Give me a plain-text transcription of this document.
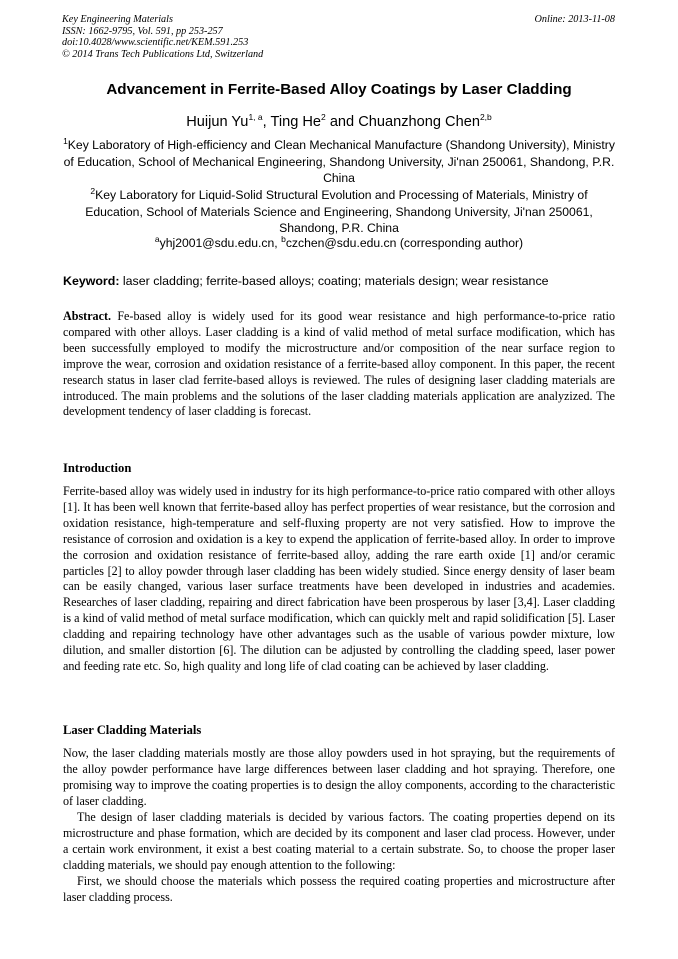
Key Engineering Materials
ISSN: 1662-9795, Vol. 591, pp 253-257
doi:10.4028/www.scientific.net/KEM.591.253
© 2014 Trans Tech Publications Ltd, Switzerland
Online: 2013-11-08
Advancement in Ferrite-Based Alloy Coatings by Laser Cladding
Huijun Yu$^{1, a}$, Ting He$^2$ and Chuanzhong Chen$^{2,b}$
$^1$Key Laboratory of High-efficiency and Clean Mechanical Manufacture (Shandong University), Ministry of Education, School of Mechanical Engineering, Shandong University, Ji'nan 250061, Shandong, P.R. China
$^2$Key Laboratory for Liquid-Solid Structural Evolution and Processing of Materials, Ministry of Education, School of Materials Science and Engineering, Shandong University, Ji'nan 250061, Shandong, P.R. China
$^a$yhj2001@sdu.edu.cn, $^b$czchen@sdu.edu.cn (corresponding author)
Keyword: laser cladding; ferrite-based alloys; coating; materials design; wear resistance
Abstract. Fe-based alloy is widely used for its good wear resistance and high performance-to-price ratio compared with other alloys. Laser cladding is a kind of valid method of metal surface modification, which has been successfully employed to modify the microstructure and/or composition of the near surface region to improve the wear, corrosion and oxidation resistance of a ferrite-based alloy component. In this paper, the recent research status in laser clad ferrite-based alloys is reviewed. The rules of designing laser cladding materials are introduced. The main problems and the solutions of the laser cladding materials application are analyzized. The development tendency of laser cladding is forecast.
Introduction
Ferrite-based alloy was widely used in industry for its high performance-to-price ratio compared with other alloys [1]. It has been well known that ferrite-based alloy has perfect properties of wear resistance, but the corrosion and oxidation resistance, high-temperature and self-fluxing property are not very satisfied. How to improve the resistance of corrosion and oxidation is a key to expend the application of ferrite-based alloy. In order to improve the corrosion and oxidation resistance of ferrite-based alloy, adding the rare earth oxide [1] and/or ceramic particles [2] to alloy powder through laser cladding has been widely studied. Since energy density of laser beam can be easily changed, various laser surface treatments have been developed in industries and academies. Researches of laser cladding, repairing and direct fabrication have been prosperous by laser [3,4]. Laser cladding is a kind of valid method of metal surface modification, which can quickly melt and rapid solidification [5]. Laser cladding and repairing technology have other advantages such as the usable of various powder mixture, low dilution, and smaller distortion [6]. The dilution can be adjusted by controlling the cladding speed, laser power and feeding rate etc. So, high quality and long life of clad coating can be achieved by laser cladding.
Laser Cladding Materials
Now, the laser cladding materials mostly are those alloy powders used in hot spraying, but the requirements of the alloy powder performance have large differences between laser cladding and hot spraying. Therefore, one promising way to improve the coating properties is to design the alloy components, according to the characteristic of laser cladding.
The design of laser cladding materials is decided by various factors. The coating properties depend on its microstructure and phase formation, which are decided by its component and laser clad process. However, under a certain work environment, it exist a best coating material to a certain substrate. So, to choose the proper laser cladding materials, we should pay enough attention to the following:
First, we should choose the materials which possess the required coating properties and microstructure after laser cladding process.
